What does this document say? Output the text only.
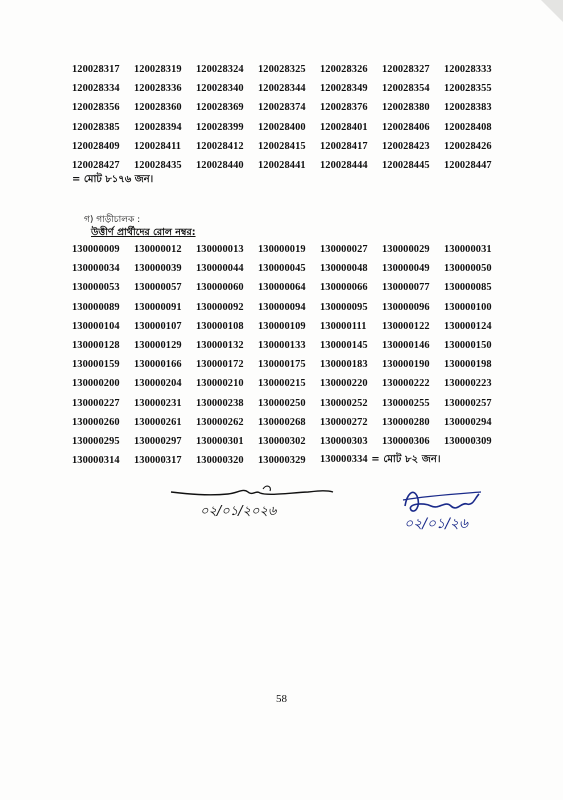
120028317	120028319	120028324	120028325	120028326	120028327	120028333
120028334	120028336	120028340	120028344	120028349	120028354	120028355
120028356	120028360	120028369	120028374	120028376	120028380	120028383
120028385	120028394	120028399	120028400	120028401	120028406	120028408
120028409	120028411	120028412	120028415	120028417	120028423	120028426
120028427	120028435	120028440	120028441	120028444	120028445	120028447
= মোট ৮১৭৬ জন।
গ) গাড়ীচালক :
উত্তীর্ণ প্রার্থীদের রোল নম্বর:
130000009	130000012	130000013	130000019	130000027	130000029	130000031
130000034	130000039	130000044	130000045	130000048	130000049	130000050
130000053	130000057	130000060	130000064	130000066	130000077	130000085
130000089	130000091	130000092	130000094	130000095	130000096	130000100
130000104	130000107	130000108	130000109	130000111	130000122	130000124
130000128	130000129	130000132	130000133	130000145	130000146	130000150
130000159	130000166	130000172	130000175	130000183	130000190	130000198
130000200	130000204	130000210	130000215	130000220	130000222	130000223
130000227	130000231	130000238	130000250	130000252	130000255	130000257
130000260	130000261	130000262	130000268	130000272	130000280	130000294
130000295	130000297	130000301	130000302	130000303	130000306	130000309
130000314	130000317	130000320	130000329	130000334 = মোট ৮২ জন।		
০২/০১/২০২৬
০২/০১/২৬
58
